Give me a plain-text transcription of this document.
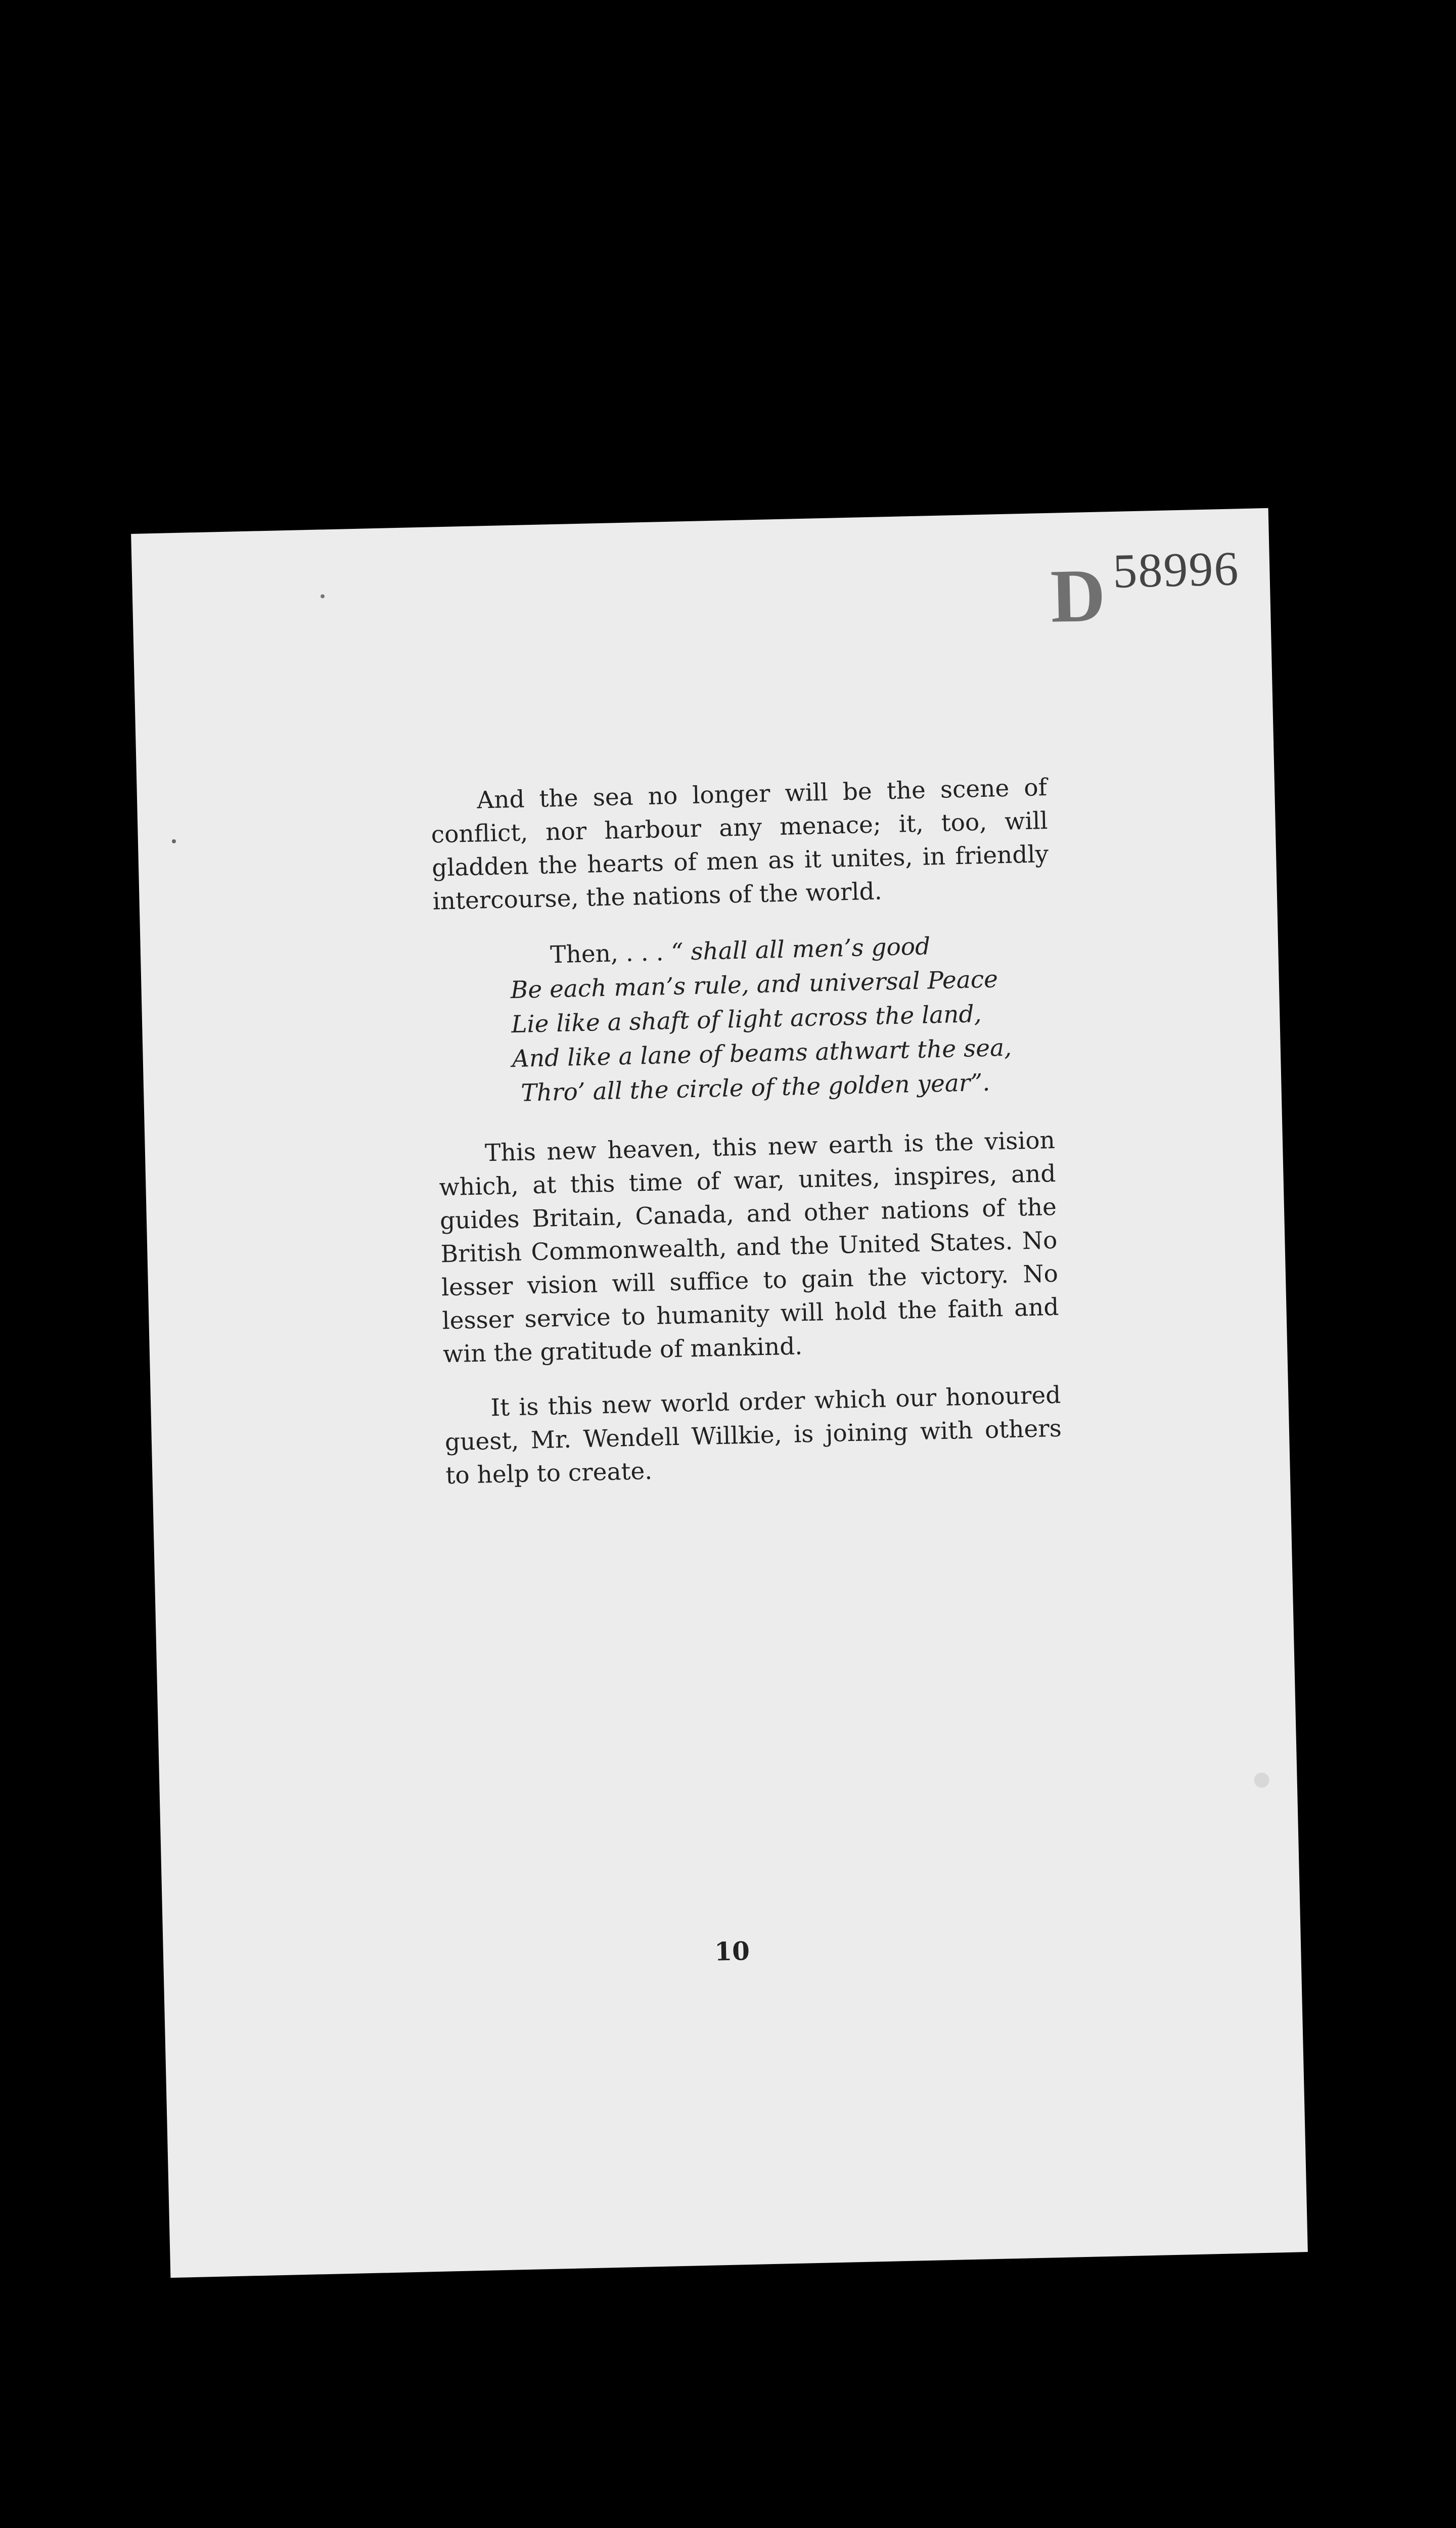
D 58996

And the sea no longer will be the scene of conflict, nor harbour any menace; it, too, will gladden the hearts of men as it unites, in friendly intercourse, the nations of the world.

Then, . . . “ shall all men’s good
Be each man’s rule, and universal Peace
Lie like a shaft of light across the land,
And like a lane of beams athwart the sea,
Thro’ all the circle of the golden year”.

This new heaven, this new earth is the vision which, at this time of war, unites, inspires, and guides Britain, Canada, and other nations of the British Commonwealth, and the United States. No lesser vision will suffice to gain the victory. No lesser service to humanity will hold the faith and win the gratitude of mankind.

It is this new world order which our honoured guest, Mr. Wendell Willkie, is joining with others to help to create.

10
